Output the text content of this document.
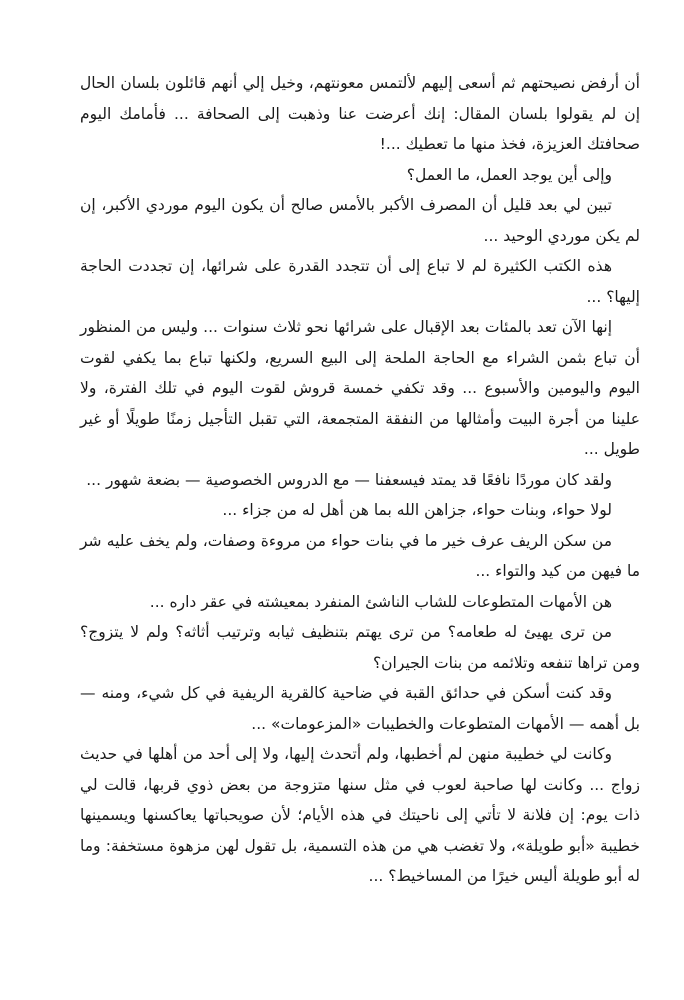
أن أرفض نصيحتهم ثم أسعى إليهم لألتمس معونتهم، وخيل إلي أنهم قائلون بلسان الحال إن لم يقولوا بلسان المقال: إنك أعرضت عنا وذهبت إلى الصحافة ... فأمامك اليوم صحافتك العزيزة، فخذ منها ما تعطيك ...!

وإلى أين يوجد العمل، ما العمل؟

تبين لي بعد قليل أن المصرف الأكبر بالأمس صالح أن يكون اليوم موردي الأكبر، إن لم يكن موردي الوحيد ...

هذه الكتب الكثيرة لم لا تباع إلى أن تتجدد القدرة على شرائها، إن تجددت الحاجة إليها؟ ...

إنها الآن تعد بالمئات بعد الإقبال على شرائها نحو ثلاث سنوات ... وليس من المنظور أن تباع بثمن الشراء مع الحاجة الملحة إلى البيع السريع، ولكنها تباع بما يكفي لقوت اليوم واليومين والأسبوع ... وقد تكفي خمسة قروش لقوت اليوم في تلك الفترة، ولا علينا من أجرة البيت وأمثالها من النفقة المتجمعة، التي تقبل التأجيل زمنًا طويلًا أو غير طويل ...

ولقد كان موردًا نافعًا قد يمتد فيسعفنا — مع الدروس الخصوصية — بضعة شهور ...

لولا حواء، وبنات حواء، جزاهن الله بما هن أهل له من جزاء ...

من سكن الريف عرف خير ما في بنات حواء من مروءة وصفات، ولم يخف عليه شر ما فيهن من كيد والتواء ...

هن الأمهات المتطوعات للشاب الناشئ المنفرد بمعيشته في عقر داره ...

من ترى يهيئ له طعامه؟ من ترى يهتم بتنظيف ثيابه وترتيب أثاثه؟ ولم لا يتزوج؟ ومن تراها تنفعه وتلائمه من بنات الجيران؟

وقد كنت أسكن في حدائق القبة في ضاحية كالقرية الريفية في كل شيء، ومنه — بل أهمه — الأمهات المتطوعات والخطيبات «المزعومات» ...

وكانت لي خطيبة منهن لم أخطبها، ولم أتحدث إليها، ولا إلى أحد من أهلها في حديث زواج ... وكانت لها صاحبة لعوب في مثل سنها متزوجة من بعض ذوي قربها، قالت لي ذات يوم: إن فلانة لا تأتي إلى ناحيتك في هذه الأيام؛ لأن صويحباتها يعاكسنها ويسمينها خطيبة «أبو طويلة»، ولا تغضب هي من هذه التسمية، بل تقول لهن مزهوة مستخفة: وما له أبو طويلة أليس خيرًا من المساخيط؟ ...
